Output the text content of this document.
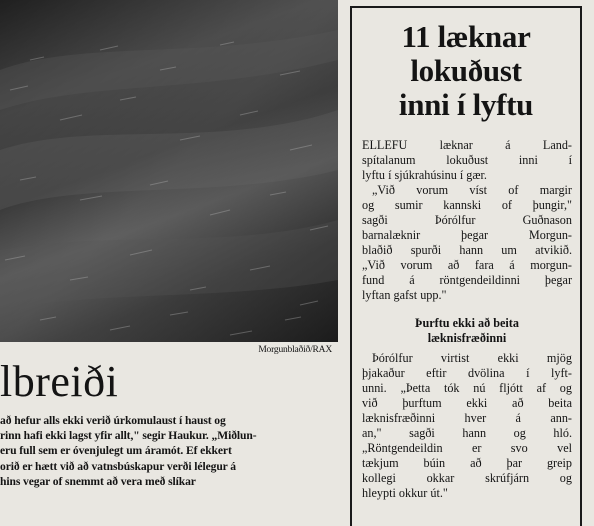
Morgunblaðið/RAX
lbreiði
að hefur alls ekki verið úrkomulaust í haust og
rinn hafi ekki lagst yfir allt," segir Haukur. „Miðlun-
eru full sem er óvenjulegt um áramót. Ef ekkert
orið er hætt við að vatnsbúskapur verði lélegur á
hins vegar of snemmt að vera með slíkar
11 læknar
lokuðust
inni í lyftu
ELLEFU læknar á Land-
spítalanum lokuðust inni í
lyftu í sjúkrahúsinu í gær.
„Við vorum víst of margir
og sumir kannski of þungir,"
sagði Þórólfur Guðnason
barnalæknir þegar Morgun-
blaðið spurði hann um atvikið.
„Við vorum að fara á morgun-
fund á röntgendeildinni þegar
lyftan gafst upp."
Þurftu ekki að beita
læknisfræðinni
Þórólfur virtist ekki mjög
þjakaður eftir dvölina í lyft-
unni. „Þetta tók nú fljótt af og
við þurftum ekki að beita
læknisfræðinni hver á ann-
an," sagði hann og hló.
„Röntgendeildin er svo vel
tækjum búin að þar greip
kollegi okkar skrúfjárn og
hleypti okkur út."
